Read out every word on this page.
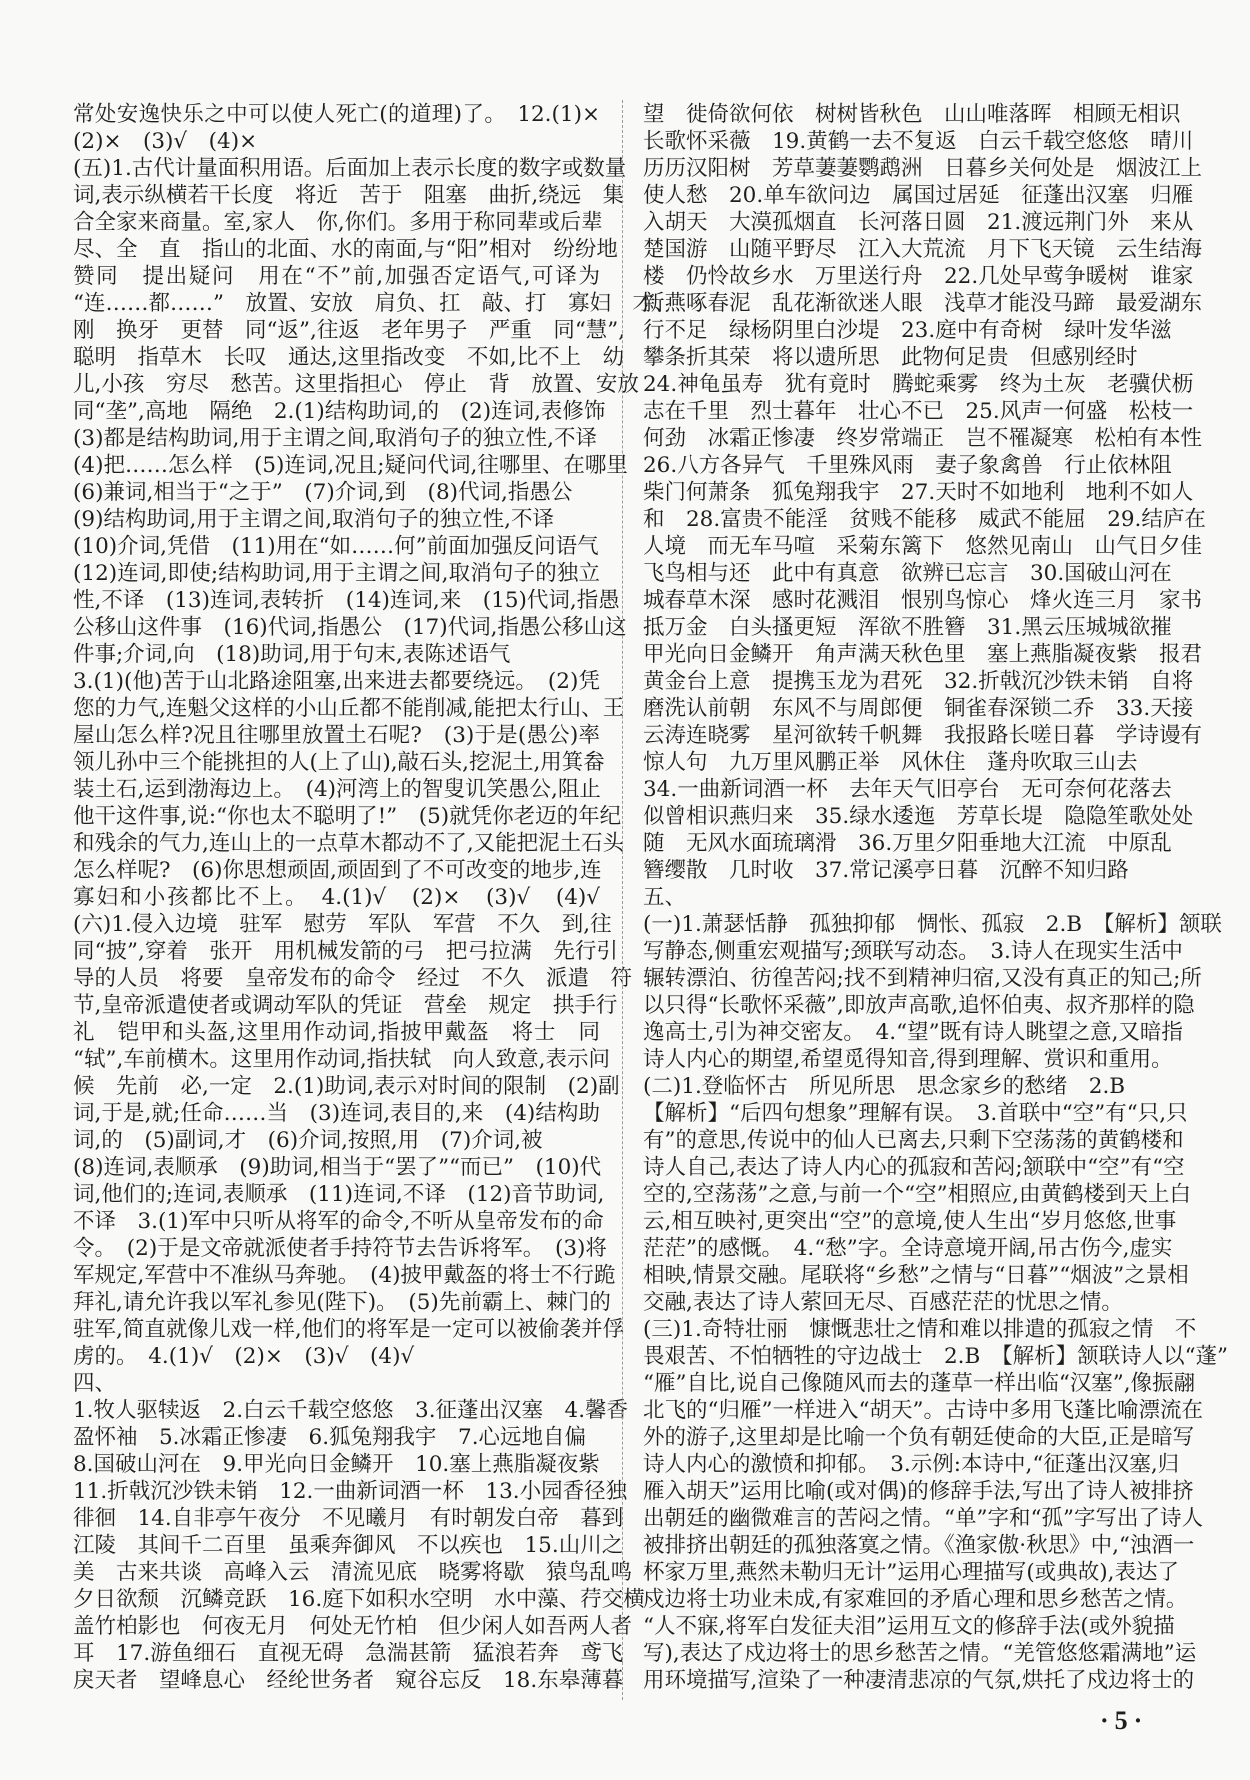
常处安逸快乐之中可以使人死亡(的道理)了。　12.(1)×
(2)×　(3)√　(4)×
(五)1.古代计量面积用语。后面加上表示长度的数字或数量
词,表示纵横若干长度　将近　苦于　阻塞　曲折,绕远　集
合全家来商量。室,家人　你,你们。多用于称同辈或后辈
尽、全　直　指山的北面、水的南面,与“阳”相对　纷纷地
赞同　提出疑问　用在“不”前,加强否定语气,可译为
“连……都……”　放置、安放　肩负、扛　敲、打　寡妇　才、
刚　换牙　更替　同“返”,往返　老年男子　严重　同“慧”,
聪明　指草木　长叹　通达,这里指改变　不如,比不上　幼
儿,小孩　穷尽　愁苦。这里指担心　停止　背　放置、安放
同“垄”,高地　隔绝　2.(1)结构助词,的　(2)连词,表修饰
(3)都是结构助词,用于主谓之间,取消句子的独立性,不译
(4)把……怎么样　(5)连词,况且;疑问代词,往哪里、在哪里
(6)兼词,相当于“之于”　(7)介词,到　(8)代词,指愚公
(9)结构助词,用于主谓之间,取消句子的独立性,不译
(10)介词,凭借　(11)用在“如……何”前面加强反问语气
(12)连词,即使;结构助词,用于主谓之间,取消句子的独立
性,不译　(13)连词,表转折　(14)连词,来　(15)代词,指愚
公移山这件事　(16)代词,指愚公　(17)代词,指愚公移山这
件事;介词,向　(18)助词,用于句末,表陈述语气
3.(1)(他)苦于山北路途阻塞,出来进去都要绕远。　(2)凭
您的力气,连魁父这样的小山丘都不能削减,能把太行山、王
屋山怎么样?况且往哪里放置土石呢?　(3)于是(愚公)率
领儿孙中三个能挑担的人(上了山),敲石头,挖泥土,用箕畚
装土石,运到渤海边上。　(4)河湾上的智叟讥笑愚公,阻止
他干这件事,说:“你也太不聪明了!”　(5)就凭你老迈的年纪
和残余的气力,连山上的一点草木都动不了,又能把泥土石头
怎么样呢?　(6)你思想顽固,顽固到了不可改变的地步,连
寡妇和小孩都比不上。　4.(1)√　(2)×　(3)√　(4)√
(六)1.侵入边境　驻军　慰劳　军队　军营　不久　到,往
同“披”,穿着　张开　用机械发箭的弓　把弓拉满　先行引
导的人员　将要　皇帝发布的命令　经过　不久　派遣　符
节,皇帝派遣使者或调动军队的凭证　营垒　规定　拱手行
礼　铠甲和头盔,这里用作动词,指披甲戴盔　将士　同
“轼”,车前横木。这里用作动词,指扶轼　向人致意,表示问
候　先前　必,一定　2.(1)助词,表示对时间的限制　(2)副
词,于是,就;任命……当　(3)连词,表目的,来　(4)结构助
词,的　(5)副词,才　(6)介词,按照,用　(7)介词,被
(8)连词,表顺承　(9)助词,相当于“罢了”“而已”　(10)代
词,他们的;连词,表顺承　(11)连词,不译　(12)音节助词,
不译　3.(1)军中只听从将军的命令,不听从皇帝发布的命
令。　(2)于是文帝就派使者手持符节去告诉将军。　(3)将
军规定,军营中不准纵马奔驰。　(4)披甲戴盔的将士不行跪
拜礼,请允许我以军礼参见(陛下)。　(5)先前霸上、棘门的
驻军,简直就像儿戏一样,他们的将军是一定可以被偷袭并俘
虏的。　4.(1)√　(2)×　(3)√　(4)√
四、
1.牧人驱犊返　2.白云千载空悠悠　3.征蓬出汉塞　4.馨香
盈怀袖　5.冰霜正惨凄　6.狐兔翔我宇　7.心远地自偏
8.国破山河在　9.甲光向日金鳞开　10.塞上燕脂凝夜紫
11.折戟沉沙铁未销　12.一曲新词酒一杯　13.小园香径独
徘徊　14.自非亭午夜分　不见曦月　有时朝发白帝　暮到
江陵　其间千二百里　虽乘奔御风　不以疾也　15.山川之
美　古来共谈　高峰入云　清流见底　晓雾将歇　猿鸟乱鸣
夕日欲颓　沉鳞竞跃　16.庭下如积水空明　水中藻、荇交横
盖竹柏影也　何夜无月　何处无竹柏　但少闲人如吾两人者
耳　17.游鱼细石　直视无碍　急湍甚箭　猛浪若奔　鸢飞
戾天者　望峰息心　经纶世务者　窥谷忘反　18.东皋薄暮
望　徙倚欲何依　树树皆秋色　山山唯落晖　相顾无相识
长歌怀采薇　19.黄鹤一去不复返　白云千载空悠悠　晴川
历历汉阳树　芳草萋萋鹦鹉洲　日暮乡关何处是　烟波江上
使人愁　20.单车欲问边　属国过居延　征蓬出汉塞　归雁
入胡天　大漠孤烟直　长河落日圆　21.渡远荆门外　来从
楚国游　山随平野尽　江入大荒流　月下飞天镜　云生结海
楼　仍怜故乡水　万里送行舟　22.几处早莺争暖树　谁家
新燕啄春泥　乱花渐欲迷人眼　浅草才能没马蹄　最爱湖东
行不足　绿杨阴里白沙堤　23.庭中有奇树　绿叶发华滋
攀条折其荣　将以遗所思　此物何足贵　但感别经时
24.神龟虽寿　犹有竟时　腾蛇乘雾　终为土灰　老骥伏枥
志在千里　烈士暮年　壮心不已　25.风声一何盛　松枝一
何劲　冰霜正惨凄　终岁常端正　岂不罹凝寒　松柏有本性
26.八方各异气　千里殊风雨　妻子象禽兽　行止依林阻
柴门何萧条　狐兔翔我宇　27.天时不如地利　地利不如人
和　28.富贵不能淫　贫贱不能移　威武不能屈　29.结庐在
人境　而无车马喧　采菊东篱下　悠然见南山　山气日夕佳
飞鸟相与还　此中有真意　欲辨已忘言　30.国破山河在
城春草木深　感时花溅泪　恨别鸟惊心　烽火连三月　家书
抵万金　白头搔更短　浑欲不胜簪　31.黑云压城城欲摧
甲光向日金鳞开　角声满天秋色里　塞上燕脂凝夜紫　报君
黄金台上意　提携玉龙为君死　32.折戟沉沙铁未销　自将
磨洗认前朝　东风不与周郎便　铜雀春深锁二乔　33.天接
云涛连晓雾　星河欲转千帆舞　我报路长嗟日暮　学诗谩有
惊人句　九万里风鹏正举　风休住　蓬舟吹取三山去
34.一曲新词酒一杯　去年天气旧亭台　无可奈何花落去
似曾相识燕归来　35.绿水逶迤　芳草长堤　隐隐笙歌处处
随　无风水面琉璃滑　36.万里夕阳垂地大江流　中原乱
簪缨散　几时收　37.常记溪亭日暮　沉醉不知归路
五、
(一)1.萧瑟恬静　孤独抑郁　惆怅、孤寂　2.B　【解析】颔联
写静态,侧重宏观描写;颈联写动态。　3.诗人在现实生活中
辗转漂泊、彷徨苦闷;找不到精神归宿,又没有真正的知己;所
以只得“长歌怀采薇”,即放声高歌,追怀伯夷、叔齐那样的隐
逸高士,引为神交密友。　4.“望”既有诗人眺望之意,又暗指
诗人内心的期望,希望觅得知音,得到理解、赏识和重用。
(二)1.登临怀古　所见所思　思念家乡的愁绪　2.B
【解析】“后四句想象”理解有误。　3.首联中“空”有“只,只
有”的意思,传说中的仙人已离去,只剩下空荡荡的黄鹤楼和
诗人自己,表达了诗人内心的孤寂和苦闷;颔联中“空”有“空
空的,空荡荡”之意,与前一个“空”相照应,由黄鹤楼到天上白
云,相互映衬,更突出“空”的意境,使人生出“岁月悠悠,世事
茫茫”的感慨。　4.“愁”字。全诗意境开阔,吊古伤今,虚实
相映,情景交融。尾联将“乡愁”之情与“日暮”“烟波”之景相
交融,表达了诗人萦回无尽、百感茫茫的忧思之情。
(三)1.奇特壮丽　慷慨悲壮之情和难以排遣的孤寂之情　不
畏艰苦、不怕牺牲的守边战士　2.B　【解析】颔联诗人以“蓬”
“雁”自比,说自己像随风而去的蓬草一样出临“汉塞”,像振翮
北飞的“归雁”一样进入“胡天”。古诗中多用飞蓬比喻漂流在
外的游子,这里却是比喻一个负有朝廷使命的大臣,正是暗写
诗人内心的激愤和抑郁。　3.示例:本诗中,“征蓬出汉塞,归
雁入胡天”运用比喻(或对偶)的修辞手法,写出了诗人被排挤
出朝廷的幽微难言的苦闷之情。“单”字和“孤”字写出了诗人
被排挤出朝廷的孤独落寞之情。《渔家傲·秋思》中,“浊酒一
杯家万里,燕然未勒归无计”运用心理描写(或典故),表达了
戍边将士功业未成,有家难回的矛盾心理和思乡愁苦之情。
“人不寐,将军白发征夫泪”运用互文的修辞手法(或外貌描
写),表达了戍边将士的思乡愁苦之情。“羌管悠悠霜满地”运
用环境描写,渲染了一种凄清悲凉的气氛,烘托了戍边将士的
·5·
